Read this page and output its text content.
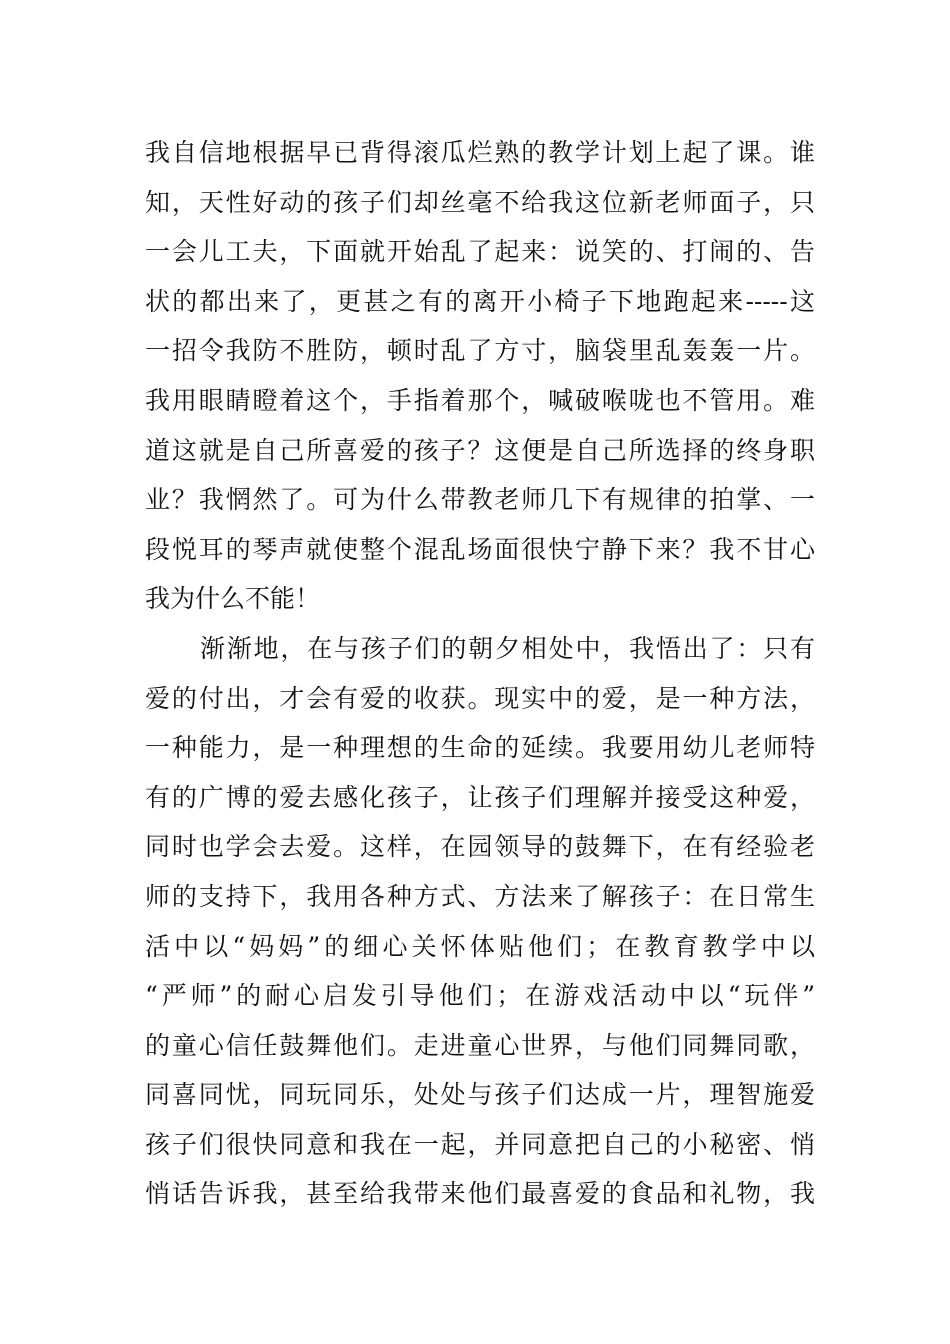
我自信地根据早已背得滚瓜烂熟的教学计划上起了课。谁
知，天性好动的孩子们却丝毫不给我这位新老师面子，只
一会儿工夫，下面就开始乱了起来：说笑的、打闹的、告
状的都出来了，更甚之有的离开小椅子下地跑起来-----这
一招令我防不胜防，顿时乱了方寸，脑袋里乱轰轰一片。
我用眼睛瞪着这个，手指着那个，喊破喉咙也不管用。难
道这就是自己所喜爱的孩子？这便是自己所选择的终身职
业？我惘然了。可为什么带教老师几下有规律的拍掌、一
段悦耳的琴声就使整个混乱场面很快宁静下来？我不甘心
我为什么不能！
渐渐地，在与孩子们的朝夕相处中，我悟出了：只有
爱的付出，才会有爱的收获。现实中的爱，是一种方法，
一种能力，是一种理想的生命的延续。我要用幼儿老师特
有的广博的爱去感化孩子，让孩子们理解并接受这种爱，
同时也学会去爱。这样，在园领导的鼓舞下，在有经验老
师的支持下，我用各种方式、方法来了解孩子：在日常生
活中以“妈妈”的细心关怀体贴他们；在教育教学中以
“严师”的耐心启发引导他们；在游戏活动中以“玩伴”
的童心信任鼓舞他们。走进童心世界，与他们同舞同歌，
同喜同忧，同玩同乐，处处与孩子们达成一片，理智施爱
孩子们很快同意和我在一起，并同意把自己的小秘密、悄
悄话告诉我，甚至给我带来他们最喜爱的食品和礼物，我
